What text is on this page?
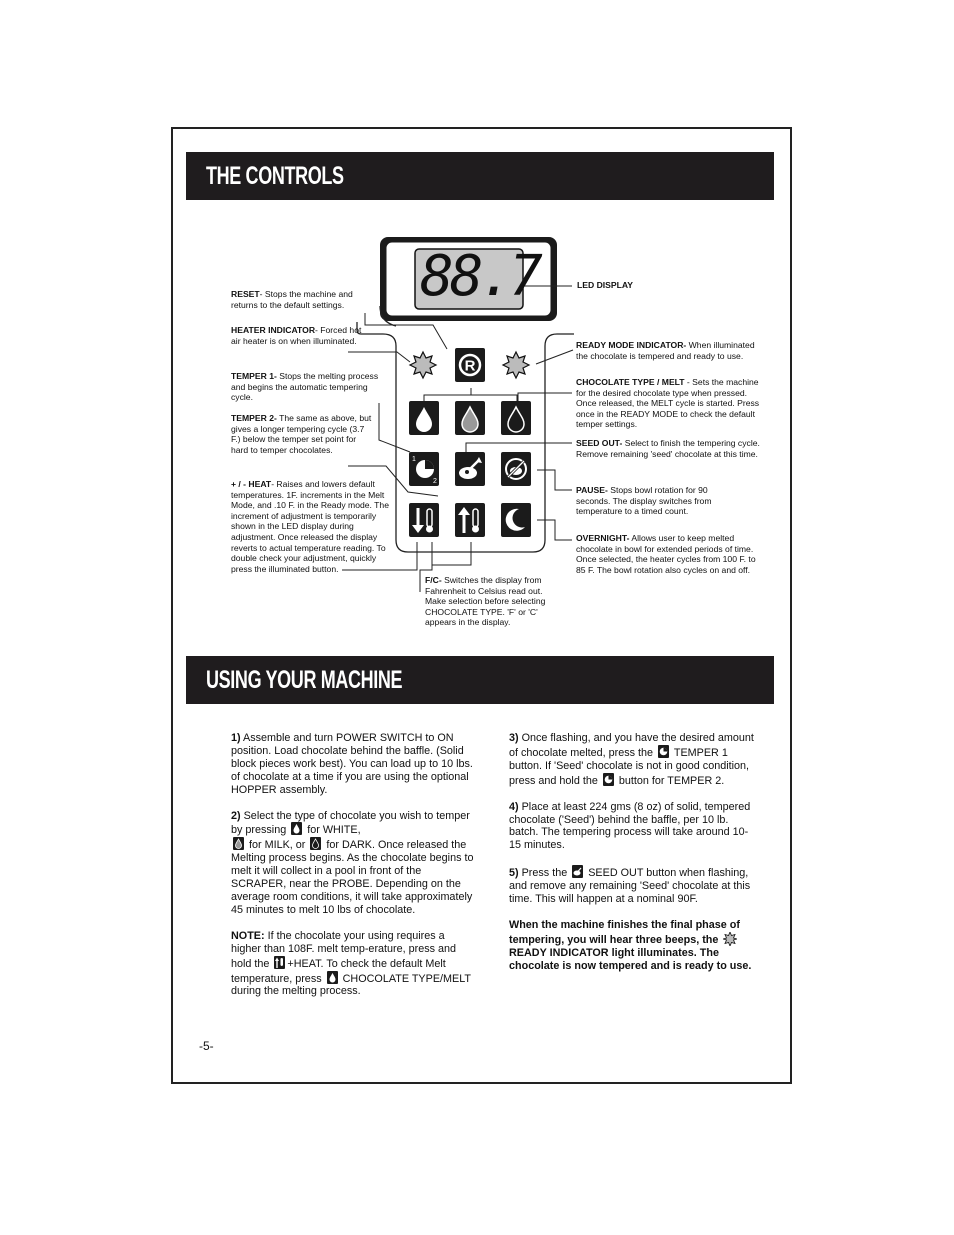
THE CONTROLS
88.7
R
1
2
LED DISPLAY
RESET- Stops the machine and returns to the default settings.
HEATER INDICATOR- Forced hot air heater is on when illuminated.
TEMPER 1- Stops the melting process and begins the automatic tempering cycle.
TEMPER 2- The same as above, but gives a longer tempering cycle (3.7 F.) below the temper set point for hard to temper chocolates.
+ / - HEAT- Raises and lowers default temperatures. 1F. increments in the Melt Mode, and .10 F. in the Ready mode. The increment of adjustment is temporarily shown in the LED display during adjustment. Once released the display reverts to actual temperature reading. To double check your adjustment, quickly press the illuminated button.
READY MODE INDICATOR- When illuminated the chocolate is tempered and ready to use.
CHOCOLATE TYPE / MELT - Sets the machine for the desired chocolate type when pressed. Once released, the MELT cycle is started. Press once in the READY MODE to check the default temper settings.
SEED OUT- Select to finish the tempering cycle. Remove remaining 'seed' chocolate at this time.
PAUSE- Stops bowl rotation for 90 seconds. The display switches from temperature to a timed count.
OVERNIGHT- Allows user to keep melted chocolate in bowl for extended periods of time. Once selected, the heater cycles from 100 F. to 85 F. The bowl rotation also cycles on and off.
F/C- Switches the display from Fahrenheit to Celsius read out. Make selection before selecting CHOCOLATE TYPE. 'F' or 'C' appears in the display.
USING YOUR MACHINE

1) Assemble and turn POWER SWITCH to ON position. Load chocolate behind the baffle. (Solid block pieces work best). You can load up to 10 lbs. of chocolate at a time if you are using the optional HOPPER assembly.

2) Select the type of chocolate you wish to temper by pressing for WHITE,

for MILK, or for DARK. Once released the Melting process begins. As the chocolate begins to melt it will collect in a pool in front of the SCRAPER, near the PROBE. Depending on the average room conditions, it will take approximately 45 minutes to melt 10 lbs of chocolate.

NOTE: If the chocolate your using requires a higher than 108F. melt temp-erature, press and hold the +HEAT. To check the default Melt temperature, press CHOCOLATE TYPE/MELT during the melting process.

3) Once flashing, and you have the desired amount of chocolate melted, press the TEMPER 1 button. If 'Seed' chocolate is not in good condition, press and hold the button for TEMPER 2.

4) Place at least 224 gms (8 oz) of solid, tempered chocolate ('Seed') behind the baffle, per 10 lb. batch. The tempering process will take around 10-15 minutes.

5) Press the SEED OUT button when flashing, and remove any remaining 'Seed' chocolate at this time. This will happen at a nominal 90F.

When the machine finishes the final phase of tempering, you will hear three beeps, the  READY INDICATOR light illuminates. The chocolate is now tempered and is ready to use.

-5-
